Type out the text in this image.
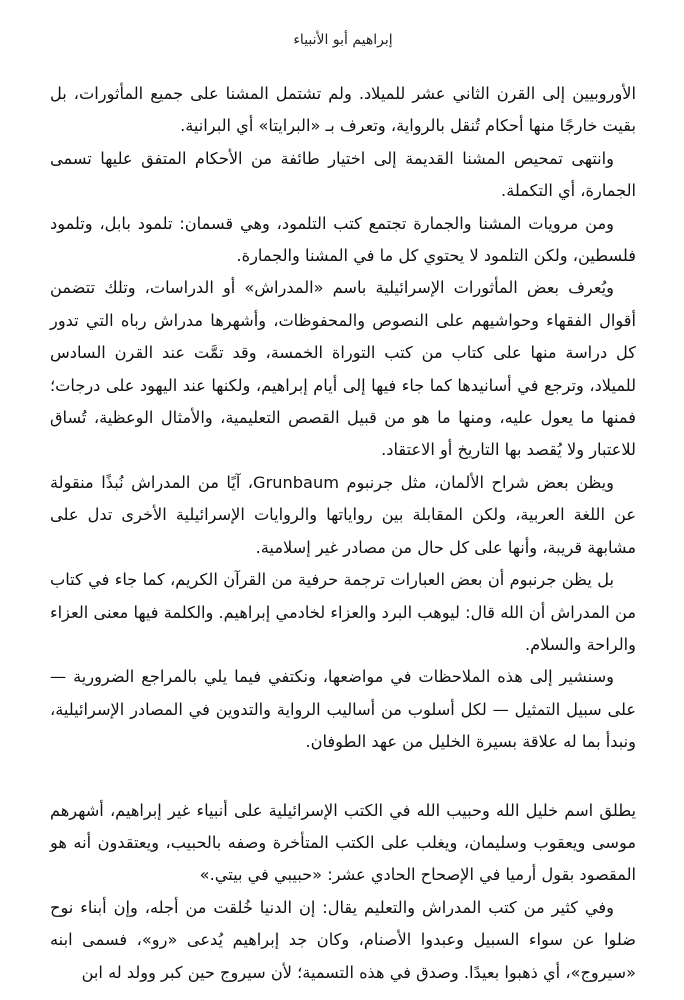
إبراهيم أبو الأنبياء

الأوروبيين إلى القرن الثاني عشر للميلاد. ولم تشتمل المشنا على جميع المأثورات، بل بقيت خارجًا منها أحكام تُنقل بالرواية، وتعرف بـ «البرايتا» أي البرانية.

وانتهى تمحيص المشنا القديمة إلى اختيار طائفة من الأحكام المتفق عليها تسمى الجمارة، أي التكملة.

ومن مرويات المشنا والجمارة تجتمع كتب التلمود، وهي قسمان: تلمود بابل، وتلمود فلسطين، ولكن التلمود لا يحتوي كل ما في المشنا والجمارة.

ويُعرف بعض المأثورات الإسرائيلية باسم «المدراش» أو الدراسات، وتلك تتضمن أقوال الفقهاء وحواشيهم على النصوص والمحفوظات، وأشهرها مدراش رباه التي تدور كل دراسة منها على كتاب من كتب التوراة الخمسة، وقد تمَّت عند القرن السادس للميلاد، وترجع في أسانيدها كما جاء فيها إلى أيام إبراهيم، ولكنها عند اليهود على درجات؛ فمنها ما يعول عليه، ومنها ما هو من قبيل القصص التعليمية، والأمثال الوعظية، تُساق للاعتبار ولا يُقصد بها التاريخ أو الاعتقاد.

ويظن بعض شراح الألمان، مثل جرنبوم Grunbaum، آيًا من المدراش نُبذًا منقولة عن اللغة العربية، ولكن المقابلة بين رواياتها والروايات الإسرائيلية الأخرى تدل على مشابهة قريبة، وأنها على كل حال من مصادر غير إسلامية.

بل يظن جرنبوم أن بعض العبارات ترجمة حرفية من القرآن الكريم، كما جاء في كتاب من المدراش أن الله قال: ليوهب البرد والعزاء لخادمي إبراهيم. والكلمة فيها معنى العزاء والراحة والسلام.

وسنشير إلى هذه الملاحظات في مواضعها، ونكتفي فيما يلي بالمراجع الضرورية — على سبيل التمثيل — لكل أسلوب من أساليب الرواية والتدوين في المصادر الإسرائيلية، ونبدأ بما له علاقة بسيرة الخليل من عهد الطوفان.

يطلق اسم خليل الله وحبيب الله في الكتب الإسرائيلية على أنبياء غير إبراهيم، أشهرهم موسى ويعقوب وسليمان، ويغلب على الكتب المتأخرة وصفه بالحبيب، ويعتقدون أنه هو المقصود بقول أرميا في الإصحاح الحادي عشر: «حبيبي في بيتي.»

وفي كثير من كتب المدراش والتعليم يقال: إن الدنيا خُلقت من أجله، وإن أبناء نوح ضلوا عن سواء السبيل وعبدوا الأصنام، وكان جد إبراهيم يُدعى «رو»، فسمى ابنه «سيروج»، أي ذهبوا بعيدًا. وصدق في هذه التسمية؛ لأن سيروج حين كبر وولد له ابن
